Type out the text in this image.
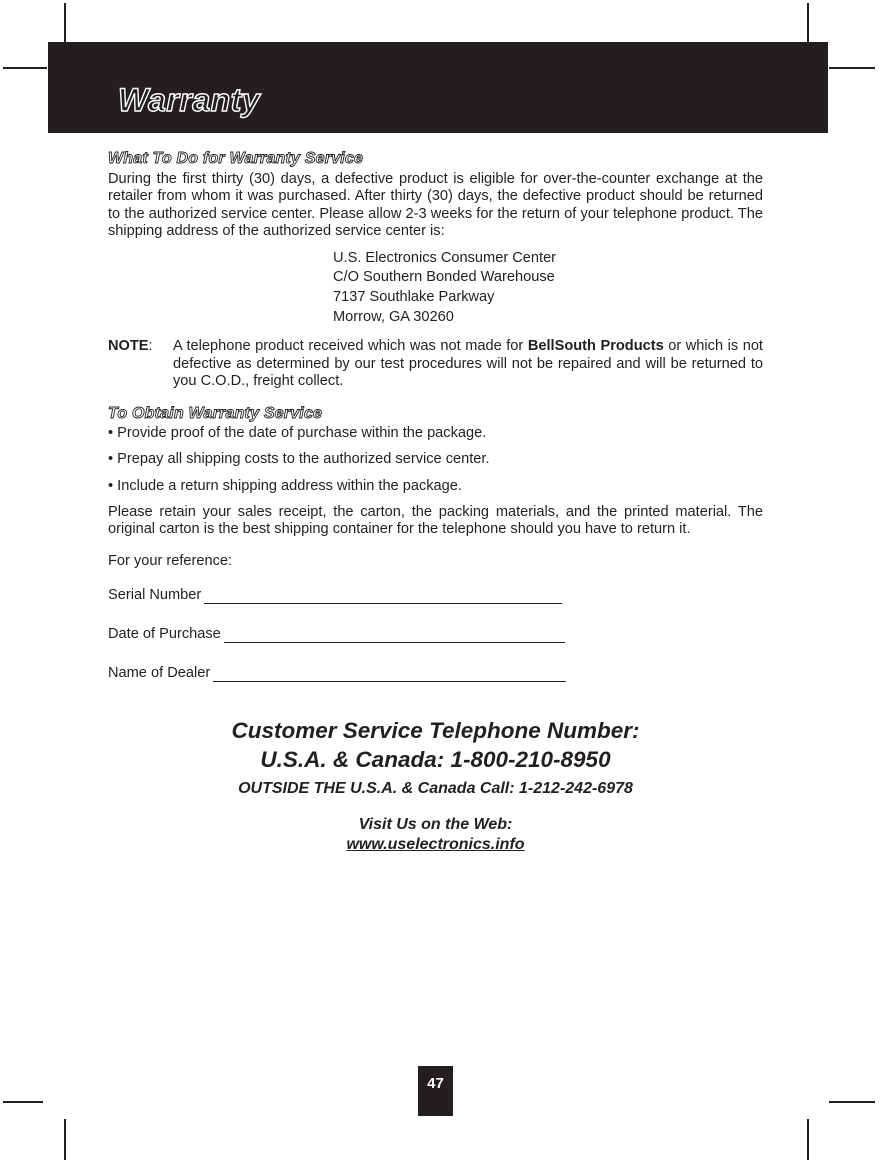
Warranty
What To Do for Warranty Service

During the first thirty (30) days, a defective product is eligible for over-the-counter exchange at the retailer from whom it was purchased. After thirty (30) days, the defective product should be returned to the authorized service center. Please allow 2-3 weeks for the return of your telephone product. The shipping address of the authorized service center is:

U.S. Electronics Consumer Center
C/O Southern Bonded Warehouse
7137 Southlake Parkway
Morrow, GA 30260
NOTE:	A telephone product received which was not made for BellSouth Products or which is not defective as determined by our test procedures will not be repaired and will be returned to you C.O.D., freight collect.
To Obtain Warranty Service
• Provide proof of the date of purchase within the package.
• Prepay all shipping costs to the authorized service center.
• Include a return shipping address within the package.

Please retain your sales receipt, the carton, the packing materials, and the printed material. The original carton is the best shipping container for the telephone should you have to return it.

For your reference:

Serial Number
Date of Purchase
Name of Dealer
Customer Service Telephone Number:
U.S.A. & Canada: 1-800-210-8950
OUTSIDE THE U.S.A. & Canada Call: 1-212-242-6978
Visit Us on the Web:
www.uselectronics.info
47
